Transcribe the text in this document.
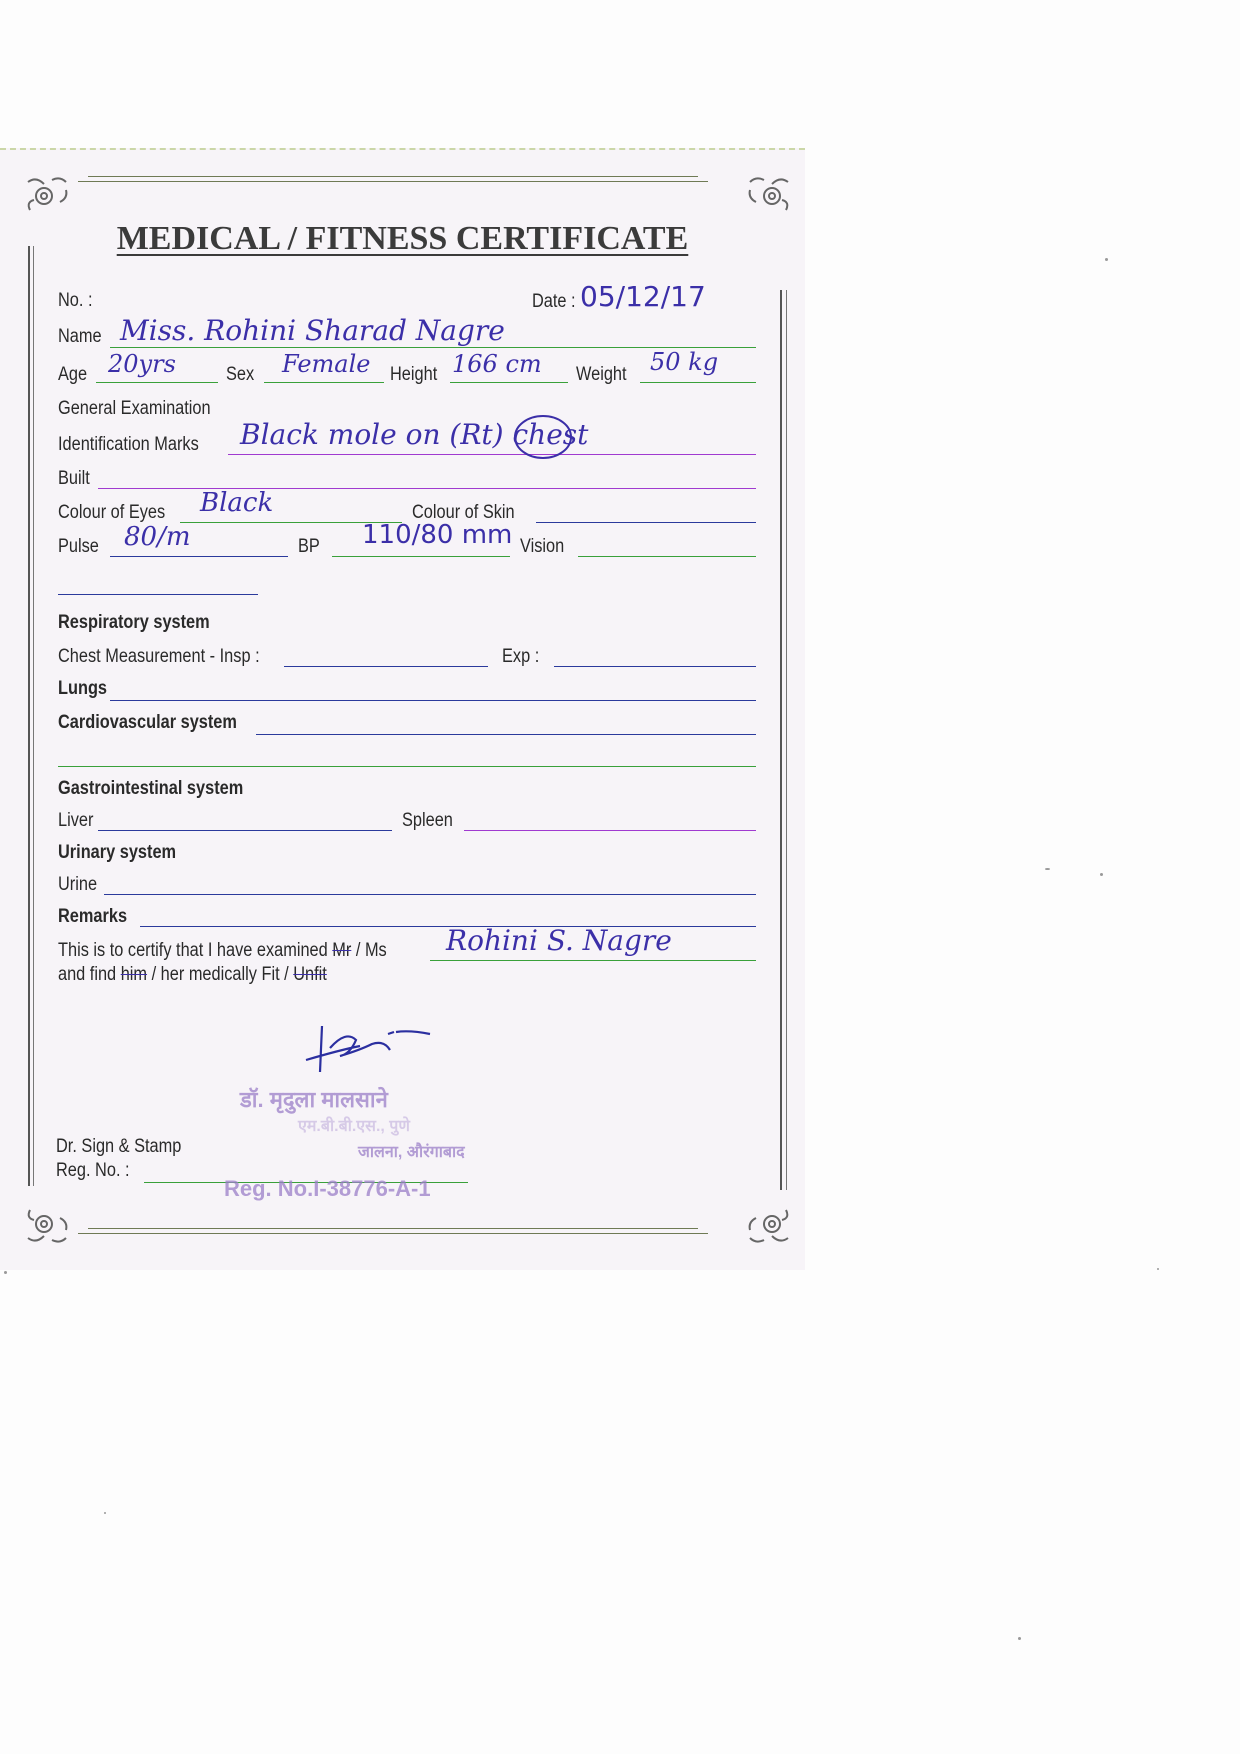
MEDICAL / FITNESS CERTIFICATE
No. :	Date : 05/12/17
Name Miss. Rohini Sharad Nagre
Age 20yrs	Sex Female Height 166 cm Weight 50 kg
General Examination
Identification Marks Black mole on (Rt) chest
Built
Colour of Eyes Black	Colour of Skin
Pulse 80/m	BP 110/80 mm Vision
Respiratory system
Chest Measurement - Insp :	Exp :
Lungs
Cardiovascular system
Gastrointestinal system
Liver	Spleen
Urinary system
Urine
Remarks
This is to certify that I have examined Mr / Ms Rohini S. Nagre
and find him / her medically Fit / Unfit
डॉ. मृदुला मालसाने
एम.बी.बी.एस., पुणे
जालना, औरंगाबाद
Dr. Sign & Stamp
Reg. No. :
Reg. No.I-38776-A-1
